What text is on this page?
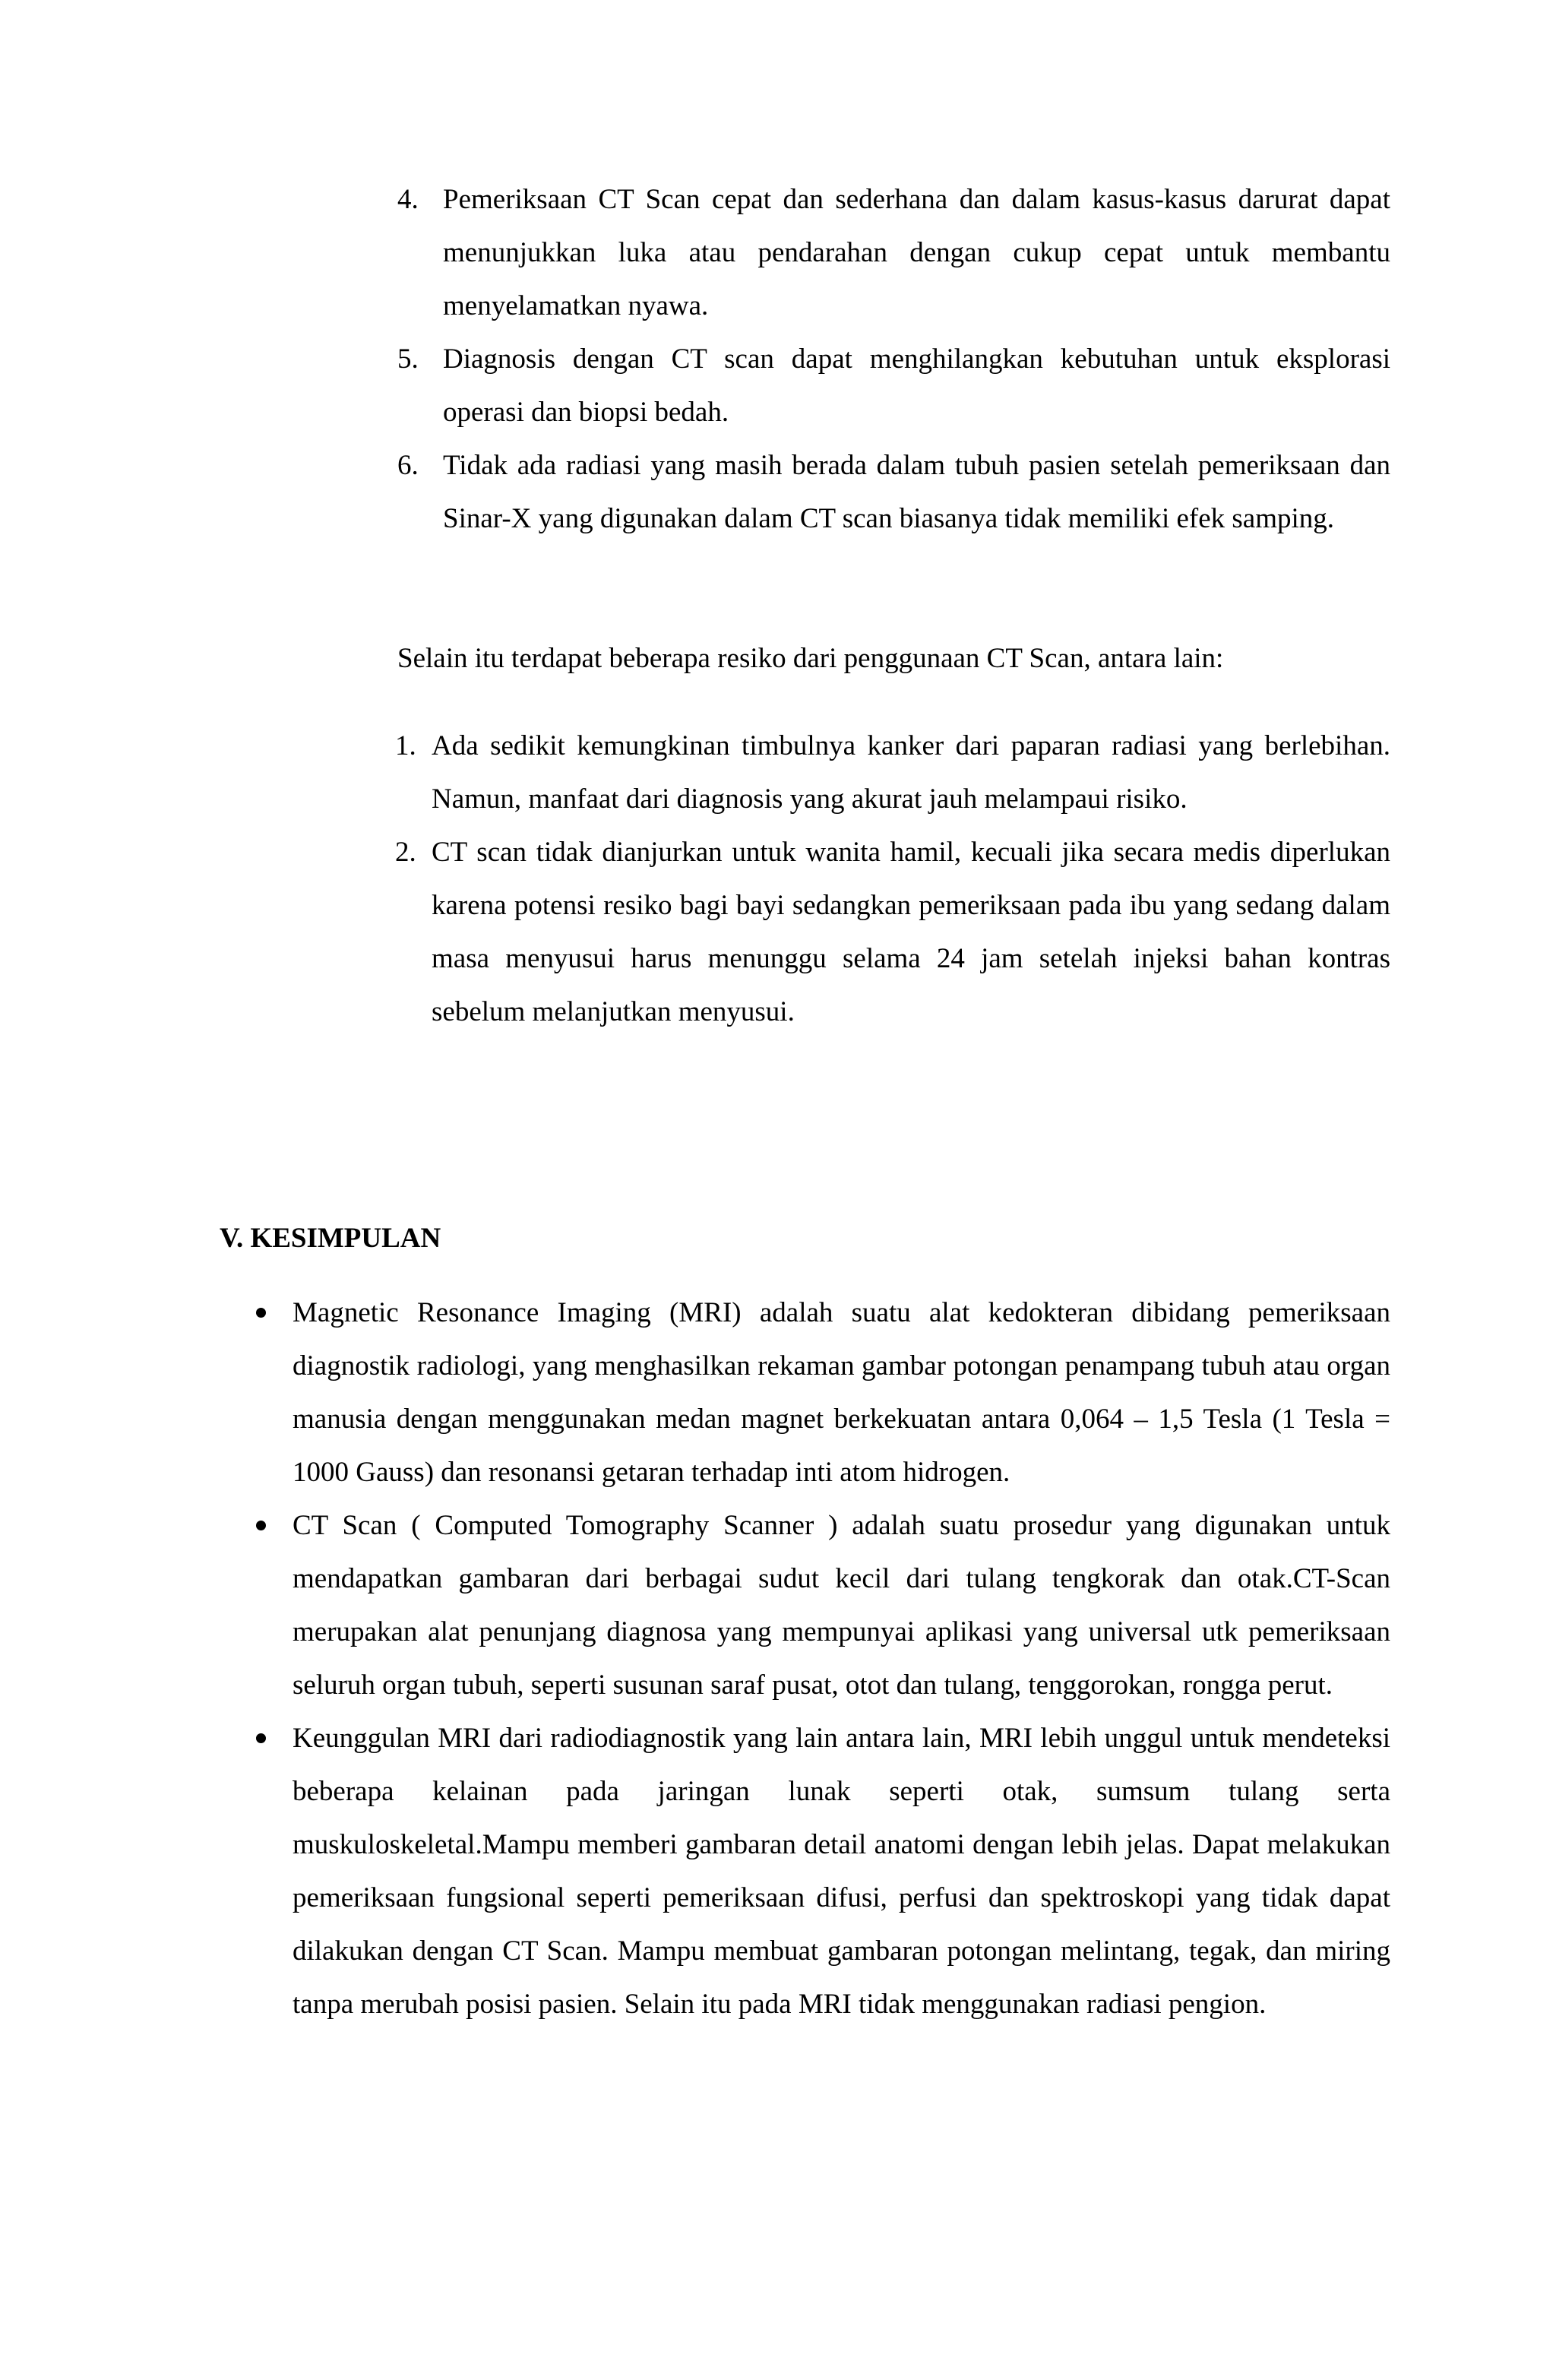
4. Pemeriksaan CT Scan cepat dan sederhana dan dalam kasus-kasus darurat dapat menunjukkan luka atau pendarahan dengan cukup cepat untuk membantu menyelamatkan nyawa.
5. Diagnosis dengan CT scan dapat menghilangkan kebutuhan untuk eksplorasi operasi dan biopsi bedah.
6. Tidak ada radiasi yang masih berada dalam tubuh pasien setelah pemeriksaan dan Sinar-X yang digunakan dalam CT scan biasanya tidak memiliki efek samping.
Selain itu terdapat beberapa resiko dari penggunaan CT Scan, antara lain:
1. Ada sedikit kemungkinan timbulnya kanker dari paparan radiasi yang berlebihan. Namun, manfaat dari diagnosis yang akurat jauh melampaui risiko.
2. CT scan tidak dianjurkan untuk wanita hamil, kecuali jika secara medis diperlukan karena potensi resiko bagi bayi sedangkan pemeriksaan pada ibu yang sedang dalam masa menyusui harus menunggu selama 24 jam setelah injeksi bahan kontras sebelum melanjutkan menyusui.
V. KESIMPULAN
Magnetic Resonance Imaging (MRI) adalah suatu alat kedokteran dibidang pemeriksaan diagnostik radiologi, yang menghasilkan rekaman gambar potongan penampang tubuh atau organ manusia dengan menggunakan medan magnet berkekuatan antara 0,064 – 1,5 Tesla (1 Tesla = 1000 Gauss) dan resonansi getaran terhadap inti atom hidrogen.
CT Scan ( Computed Tomography Scanner ) adalah suatu prosedur yang digunakan untuk mendapatkan gambaran dari berbagai sudut kecil dari tulang tengkorak dan otak.CT-Scan merupakan alat penunjang diagnosa yang mempunyai aplikasi yang universal utk pemeriksaan seluruh organ tubuh, seperti susunan saraf pusat, otot dan tulang, tenggorokan, rongga perut.
Keunggulan MRI dari radiodiagnostik yang lain antara lain, MRI lebih unggul untuk mendeteksi beberapa kelainan pada jaringan lunak seperti otak, sumsum tulang serta muskuloskeletal.Mampu memberi gambaran detail anatomi dengan lebih jelas. Dapat melakukan pemeriksaan fungsional seperti pemeriksaan difusi, perfusi dan spektroskopi yang tidak dapat dilakukan dengan CT Scan. Mampu membuat gambaran potongan melintang, tegak, dan miring tanpa merubah posisi pasien. Selain itu pada MRI tidak menggunakan radiasi pengion.
